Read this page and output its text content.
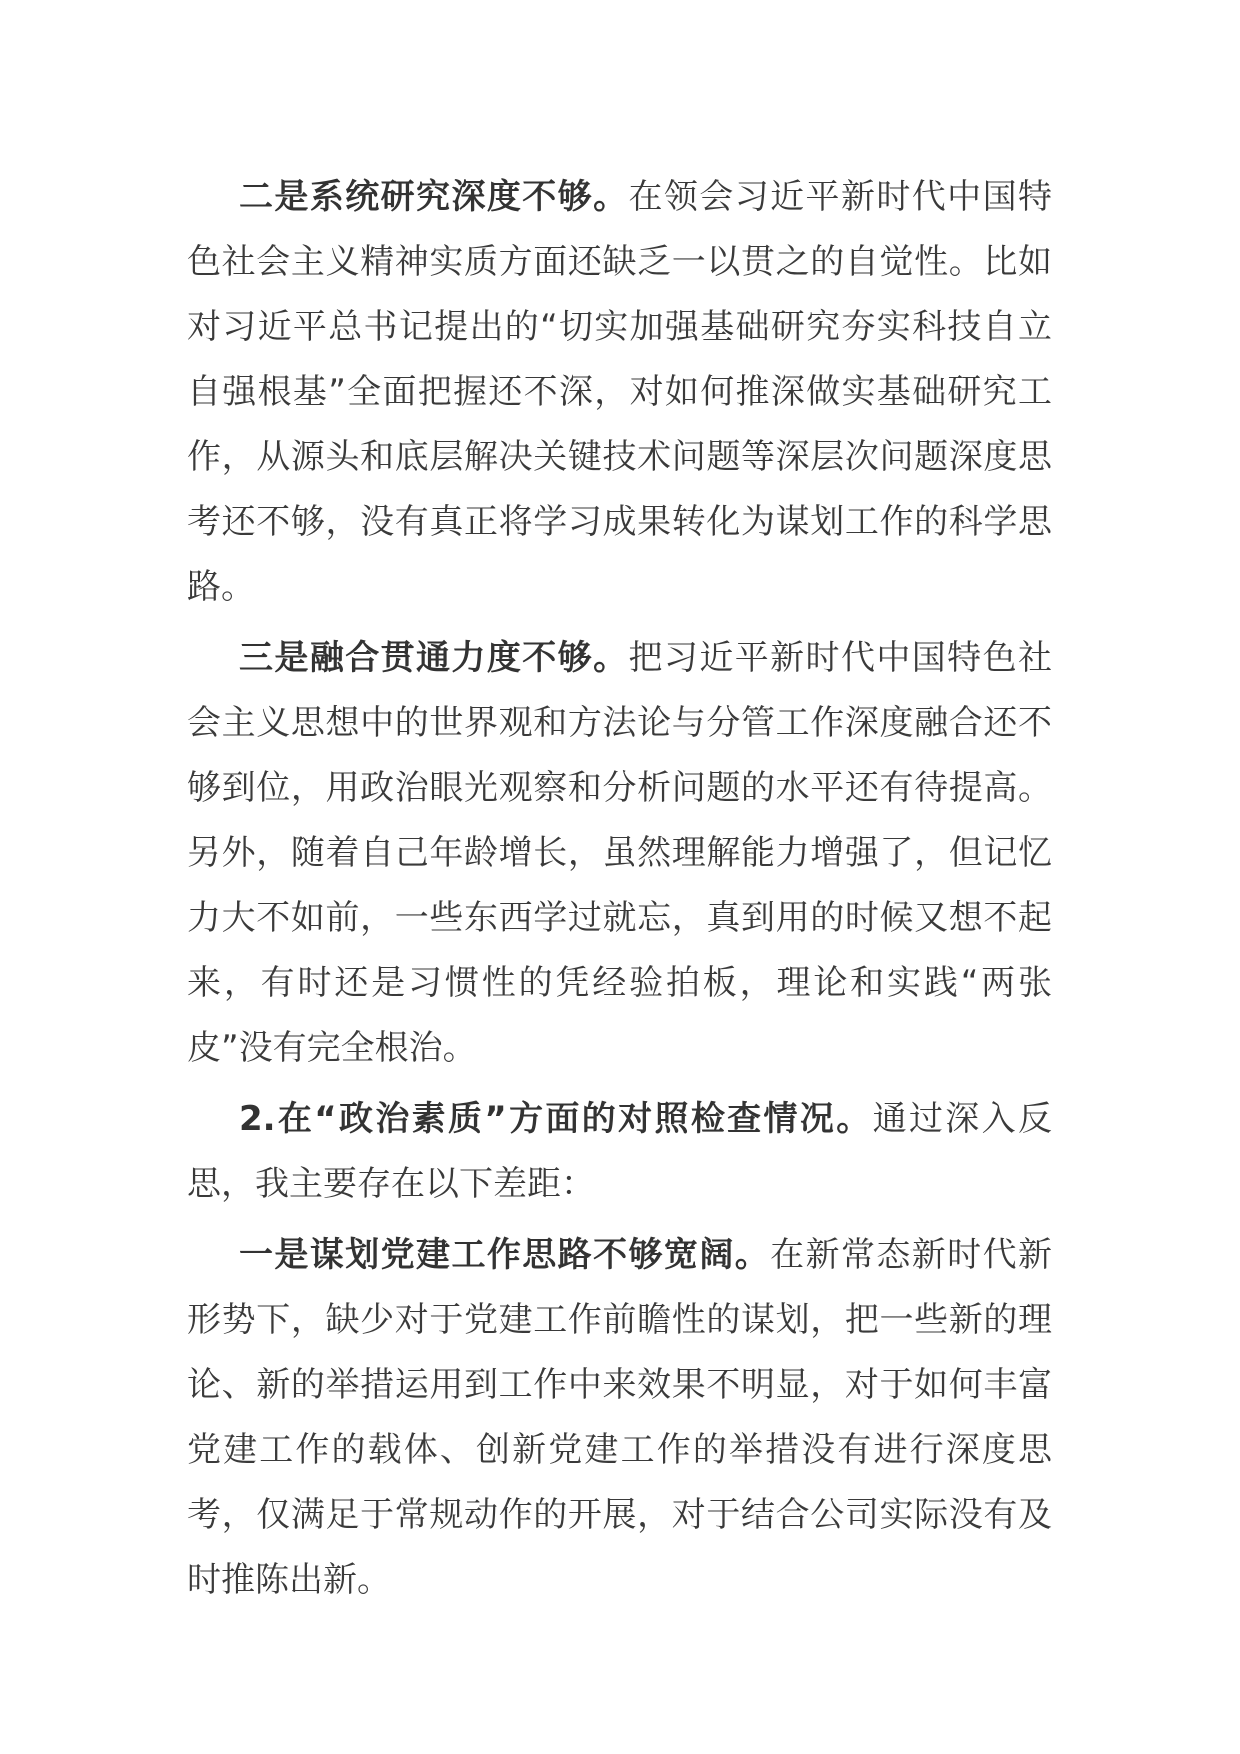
二是系统研究深度不够。在领会习近平新时代中国特色社会主义精神实质方面还缺乏一以贯之的自觉性。比如对习近平总书记提出的“切实加强基础研究夯实科技自立自强根基”全面把握还不深，对如何推深做实基础研究工作，从源头和底层解决关键技术问题等深层次问题深度思考还不够，没有真正将学习成果转化为谋划工作的科学思路。

三是融合贯通力度不够。把习近平新时代中国特色社会主义思想中的世界观和方法论与分管工作深度融合还不够到位，用政治眼光观察和分析问题的水平还有待提高。另外，随着自己年龄增长，虽然理解能力增强了，但记忆力大不如前，一些东西学过就忘，真到用的时候又想不起来，有时还是习惯性的凭经验拍板，理论和实践“两张皮”没有完全根治。

2.在“政治素质”方面的对照检查情况。通过深入反思，我主要存在以下差距：

一是谋划党建工作思路不够宽阔。在新常态新时代新形势下，缺少对于党建工作前瞻性的谋划，把一些新的理论、新的举措运用到工作中来效果不明显，对于如何丰富党建工作的载体、创新党建工作的举措没有进行深度思考，仅满足于常规动作的开展，对于结合公司实际没有及时推陈出新。
